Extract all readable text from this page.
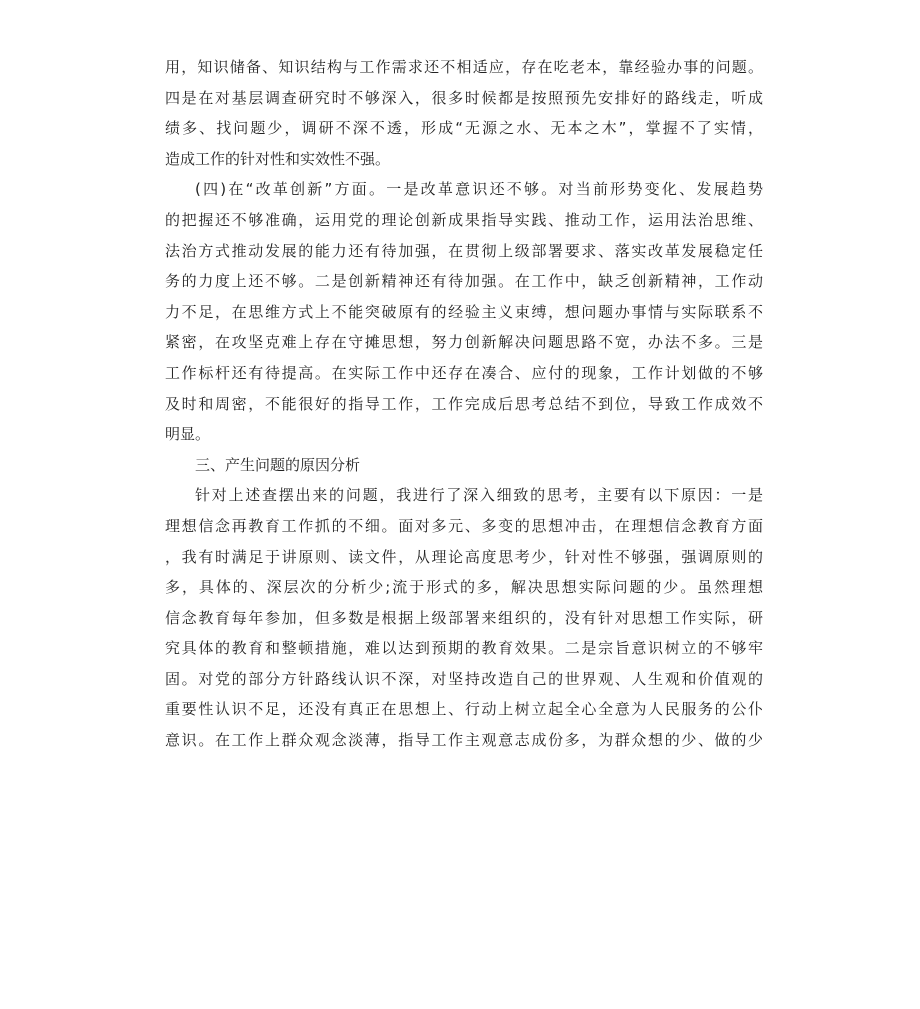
用，知识储备、知识结构与工作需求还不相适应，存在吃老本，靠经验办事的问题。
四是在对基层调查研究时不够深入，很多时候都是按照预先安排好的路线走，听成
绩多、找问题少，调研不深不透，形成“无源之水、无本之木”，掌握不了实情，
造成工作的针对性和实效性不强。
(四)在“改革创新”方面。一是改革意识还不够。对当前形势变化、发展趋势
的把握还不够准确，运用党的理论创新成果指导实践、推动工作，运用法治思维、
法治方式推动发展的能力还有待加强，在贯彻上级部署要求、落实改革发展稳定任
务的力度上还不够。二是创新精神还有待加强。在工作中，缺乏创新精神，工作动
力不足，在思维方式上不能突破原有的经验主义束缚，想问题办事情与实际联系不
紧密，在攻坚克难上存在守摊思想，努力创新解决问题思路不宽，办法不多。三是
工作标杆还有待提高。在实际工作中还存在凑合、应付的现象，工作计划做的不够
及时和周密，不能很好的指导工作，工作完成后思考总结不到位，导致工作成效不
明显。
三、产生问题的原因分析
针对上述查摆出来的问题，我进行了深入细致的思考，主要有以下原因：一是
理想信念再教育工作抓的不细。面对多元、多变的思想冲击，在理想信念教育方面
，我有时满足于讲原则、读文件，从理论高度思考少，针对性不够强，强调原则的
多，具体的、深层次的分析少;流于形式的多，解决思想实际问题的少。虽然理想
信念教育每年参加，但多数是根据上级部署来组织的，没有针对思想工作实际，研
究具体的教育和整顿措施，难以达到预期的教育效果。二是宗旨意识树立的不够牢
固。对党的部分方针路线认识不深，对坚持改造自己的世界观、人生观和价值观的
重要性认识不足，还没有真正在思想上、行动上树立起全心全意为人民服务的公仆
意识。在工作上群众观念淡薄，指导工作主观意志成份多，为群众想的少、做的少
